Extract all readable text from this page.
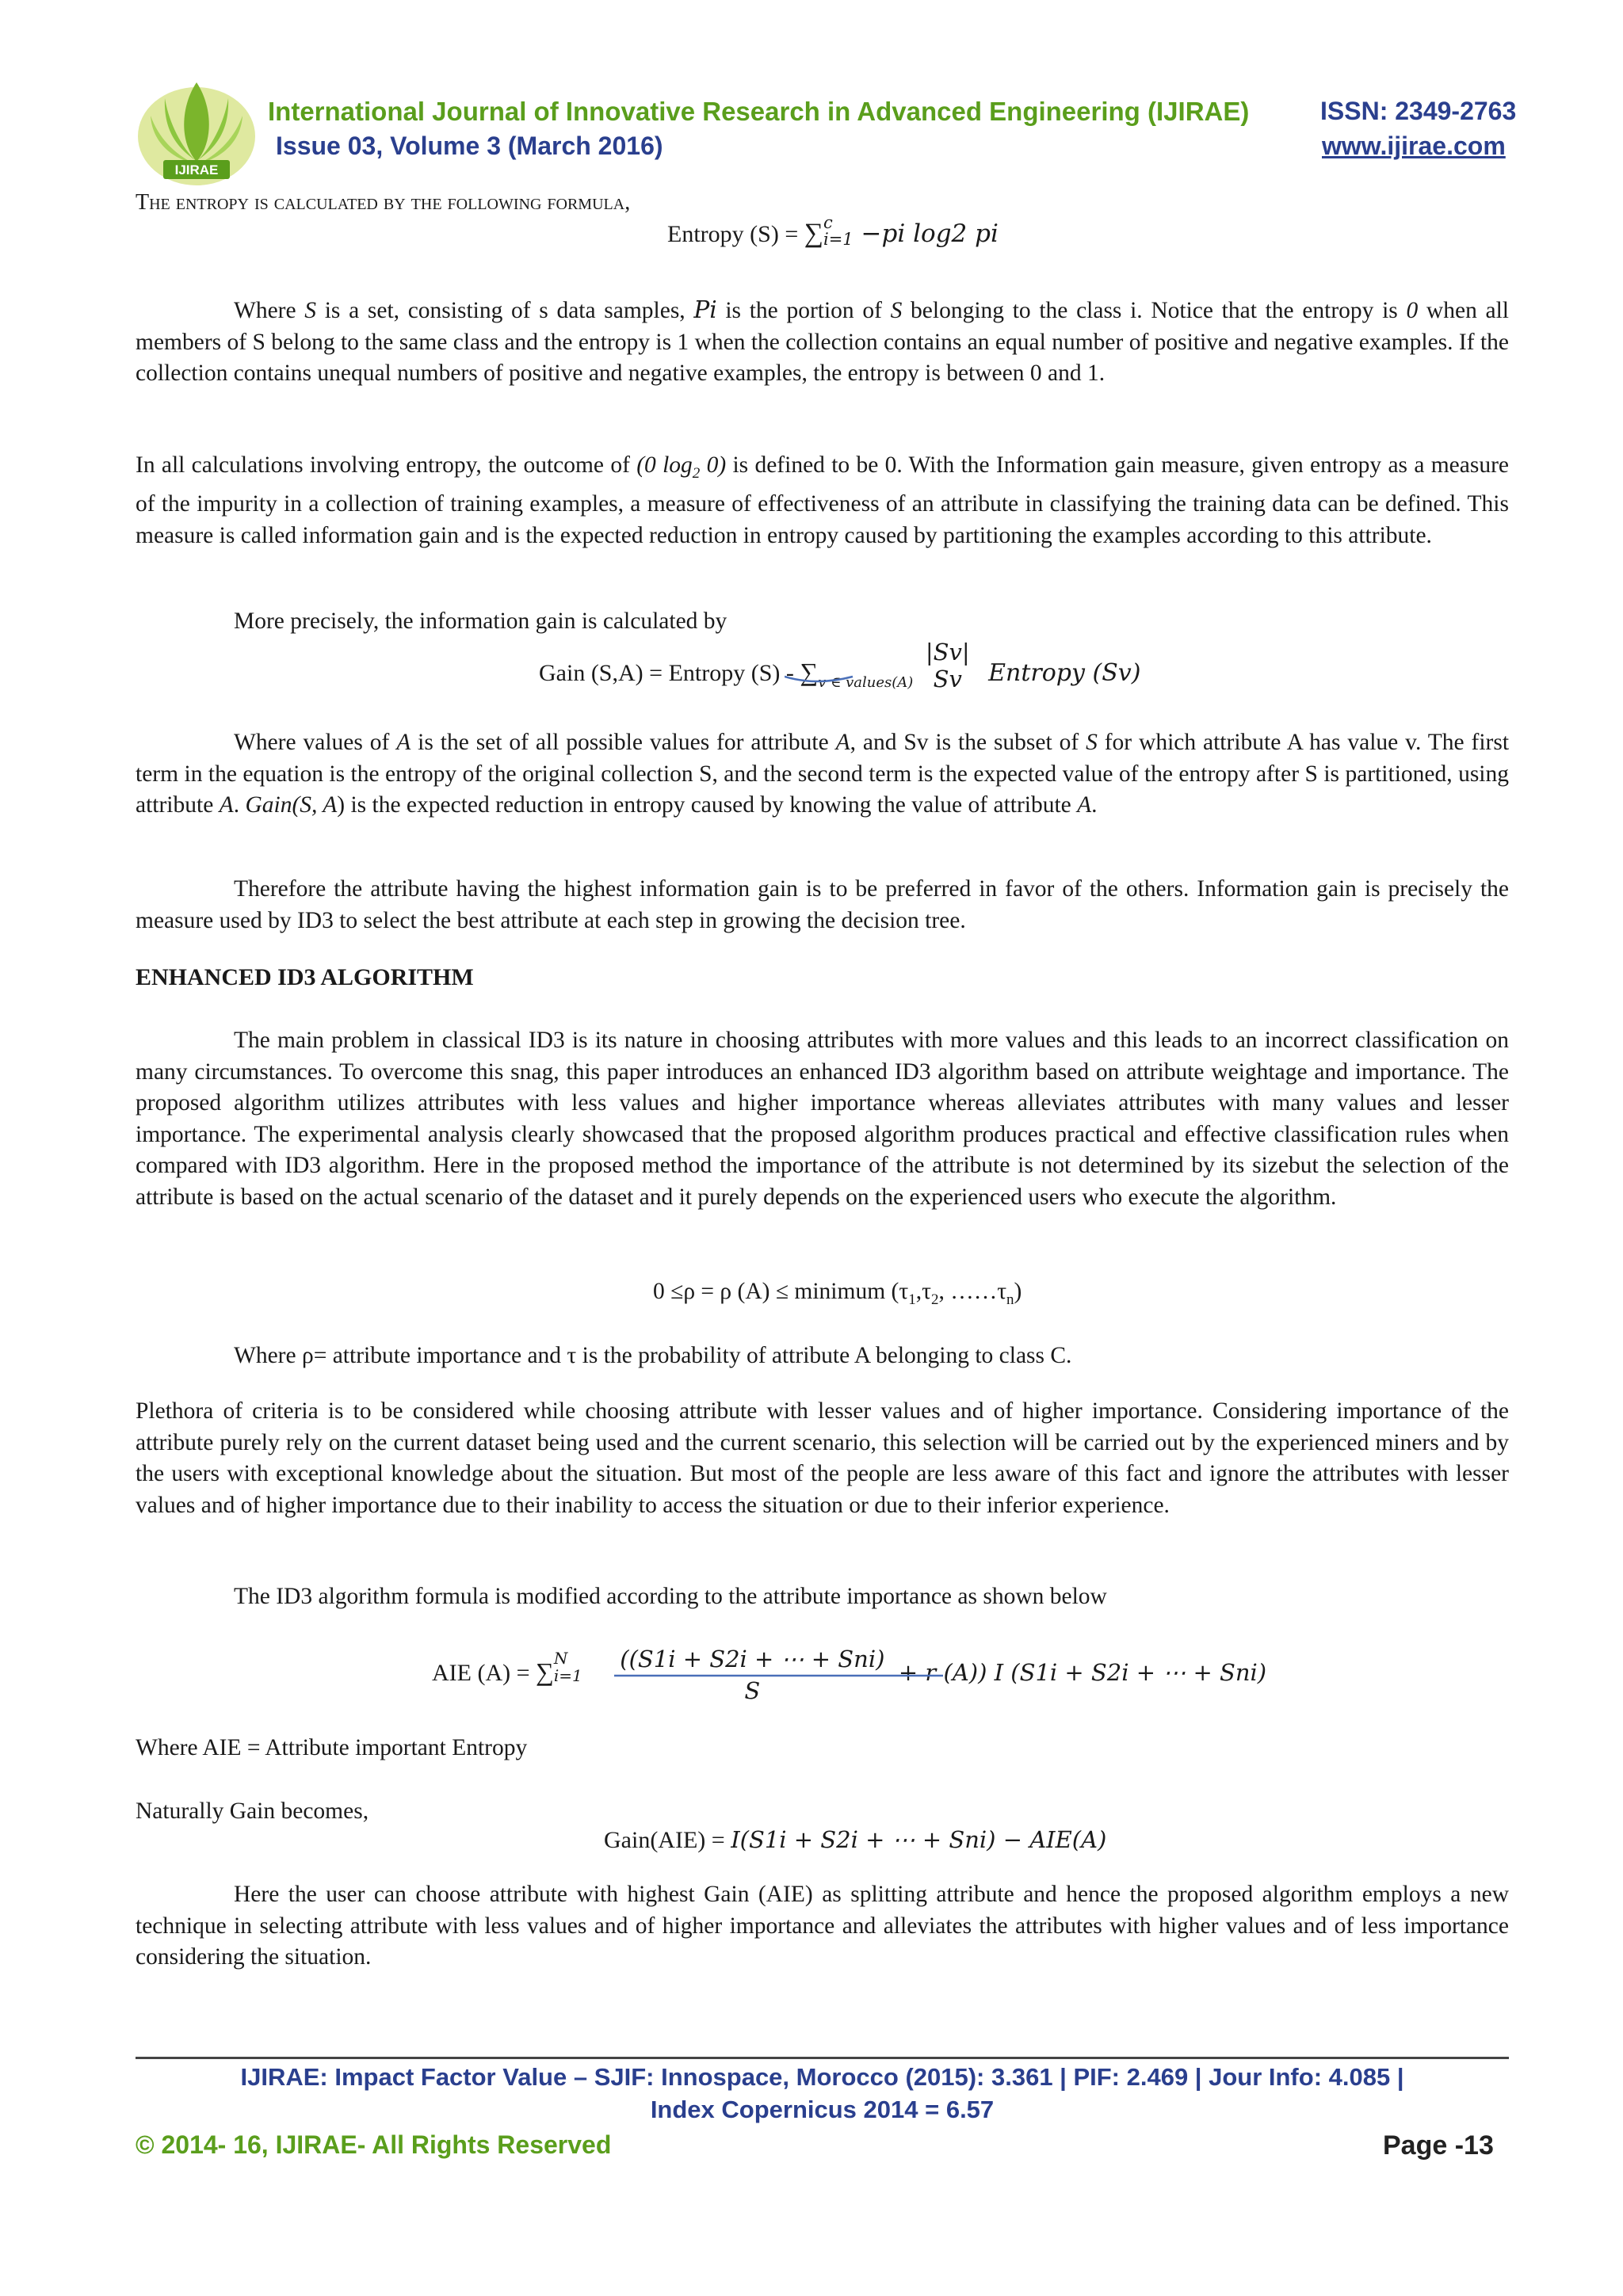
IJIRAE
International Journal of Innovative Research in Advanced Engineering (IJIRAE)
Issue 03, Volume 3 (March 2016)
ISSN: 2349-2763
www.ijirae.com
The entropy is calculated by the following formula,
Entropy (S) = ∑ c
i=1 −pi log2 pi

Where S is a set, consisting of s data samples, Pi is the portion of S belonging to the class i. Notice that the entropy is 0 when all members of S belong to the same class and the entropy is 1 when the collection contains an equal number of positive and negative examples. If the collection contains unequal numbers of positive and negative examples, the entropy is between 0 and 1.

In all calculations involving entropy, the outcome of (0 $\log_2 0$) is defined to be 0. With the Information gain measure, given entropy as a measure of the impurity in a collection of training examples, a measure of effectiveness of an attribute in classifying the training data can be defined. This measure is called information gain and is the expected reduction in entropy caused by partitioning the examples according to this attribute.

More precisely, the information gain is calculated by
Gain (S,A) = Entropy $(S) - \sum_{v \in values(A)}$
|Sv|
Sv	Entropy (Sv)

Where values of A is the set of all possible values for attribute A, and Sv is the subset of S for which attribute A has value v. The first term in the equation is the entropy of the original collection S, and the second term is the expected value of the entropy after S is partitioned, using attribute A. Gain(S, A) is the expected reduction in entropy caused by knowing the value of attribute A.

Therefore the attribute having the highest information gain is to be preferred in favor of the others. Information gain is precisely the measure used by ID3 to select the best attribute at each step in growing the decision tree.

ENHANCED ID3 ALGORITHM

The main problem in classical ID3 is its nature in choosing attributes with more values and this leads to an incorrect classification on many circumstances. To overcome this snag, this paper introduces an enhanced ID3 algorithm based on attribute weightage and importance. The proposed algorithm utilizes attributes with less values and higher importance whereas alleviates attributes with many values and lesser importance. The experimental analysis clearly showcased that the proposed algorithm produces practical and effective classification rules when compared with ID3 algorithm. Here in the proposed method the importance of the attribute is not determined by its sizebut the selection of the attribute is based on the actual scenario of the dataset and it purely depends on the experienced users who execute the algorithm.

0 ≤ρ = ρ (A) ≤ minimum ($\tau_1,\tau_2$, $\dots\dots\tau_n$)
Where ρ= attribute importance and τ is the probability of attribute A belonging to class C.

Plethora of criteria is to be considered while choosing attribute with lesser values and of higher importance. Considering importance of the attribute purely rely on the current dataset being used and the current scenario, this selection will be carried out by the experienced miners and by the users with exceptional knowledge about the situation. But most of the people are less aware of this fact and ignore the attributes with lesser values and of higher importance due to their inability to access the situation or due to their inferior experience.

The ID3 algorithm formula is modified according to the attribute importance as shown below
AIE (A) = ∑ N
i=1

((S1i + S2i + ⋯ + Sni)
S
+ r (A)) I (S1i + S2i + ⋯ + Sni)
Where AIE = Attribute important Entropy
Naturally Gain becomes,
Gain(AIE) = I(S1i + S2i + ⋯ + Sni) − AIE(A)

Here the user can choose attribute with highest Gain (AIE) as splitting attribute and hence the proposed algorithm employs a new technique in selecting attribute with less values and of higher importance and alleviates the attributes with higher values and of less importance considering the situation.

IJIRAE: Impact Factor Value – SJIF: Innospace, Morocco (2015): 3.361 | PIF: 2.469 | Jour Info: 4.085 |
Index Copernicus 2014 = 6.57
© 2014- 16, IJIRAE- All Rights Reserved	Page -13
